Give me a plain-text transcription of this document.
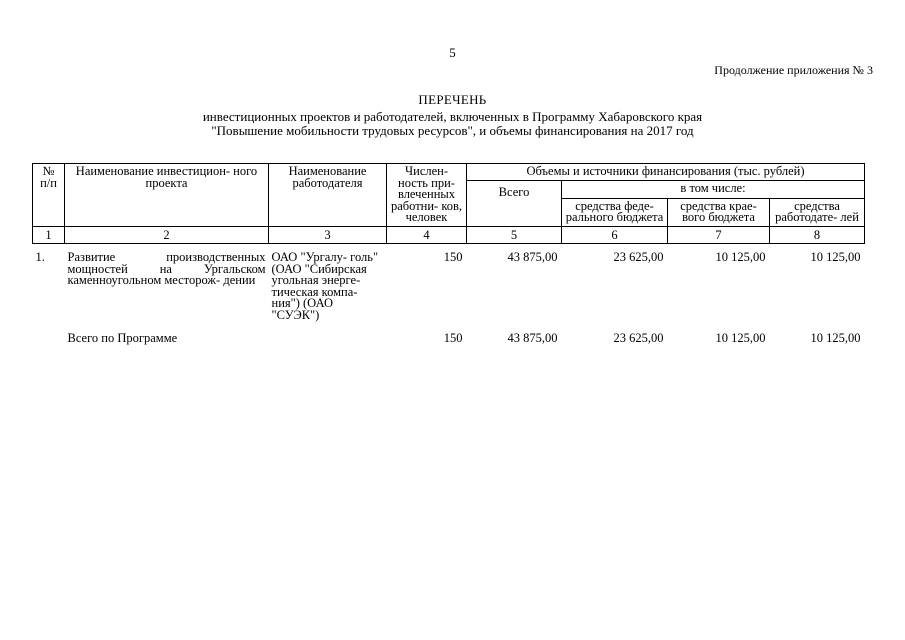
5
Продолжение приложения № 3
ПЕРЕЧЕНЬ
инвестиционных проектов и работодателей, включенных в Программу Хабаровского края
"Повышение мобильности трудовых ресурсов", и объемы финансирования на 2017 год
№ п/п	Наименование инвестицион- ного проекта	Наименование работодателя	Числен- ность при- влеченных работни- ков, человек	Объемы и источники финансирования (тыс. рублей)			
				Всего	в том числе:		
					средства феде- рального бюджета	средства крае- вого бюджета	средства работодате- лей
1	2	3	4	5	6	7	8
1.	Развитие производственных мощностей на Ургальском каменноугольном месторож- дении	ОАО "Ургалу- голь" (ОАО "Сибирская угольная энерге- тическая компа- ния") (ОАО "СУЭК")	150	43 875,00	23 625,00	10 125,00	10 125,00
	Всего по Программе		150	43 875,00	23 625,00	10 125,00	10 125,00
